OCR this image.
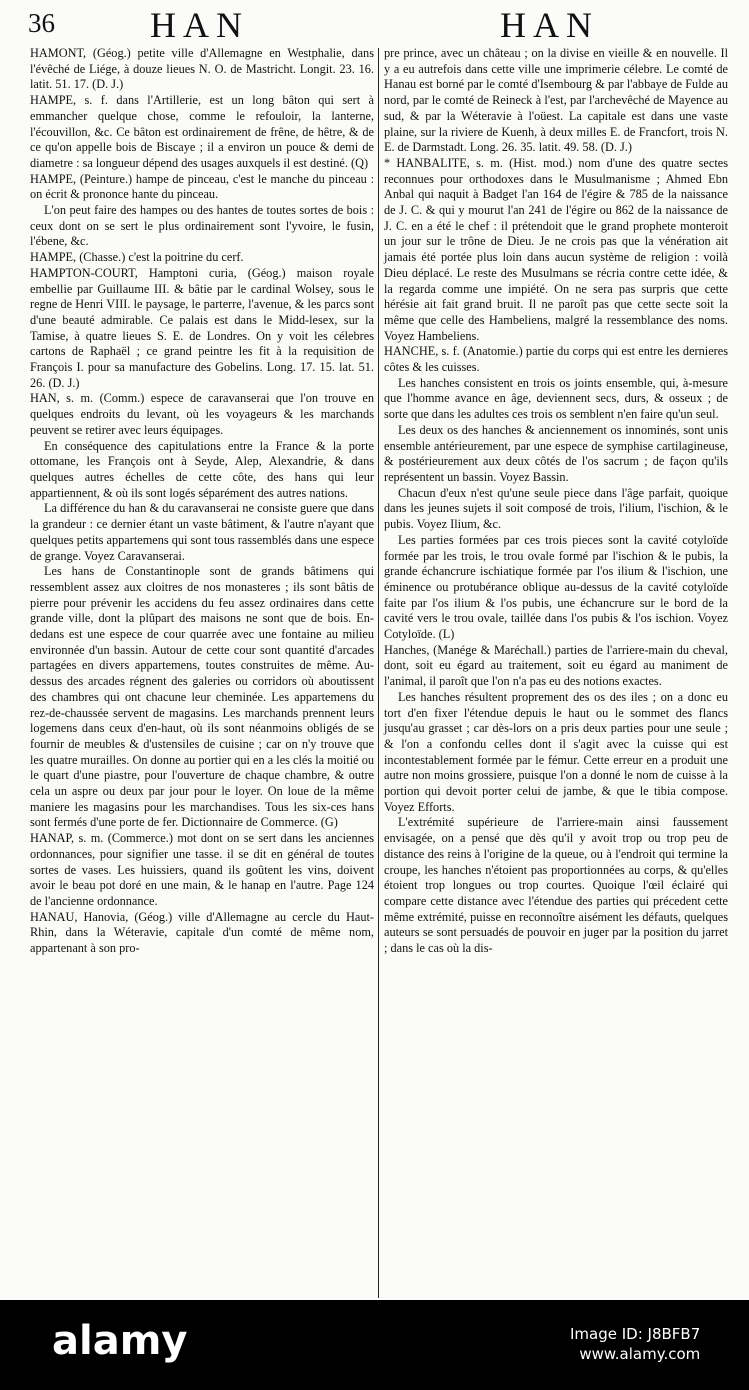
36	HAN	HAN

HAMONT, (Géog.) petite ville d'Allemagne en Westphalie, dans l'évêché de Liége, à douze lieues N. O. de Mastricht. Longit. 23. 16. latit. 51. 17. (D. J.)

HAMPE, s. f. dans l'Artillerie, est un long bâton qui sert à emmancher quelque chose, comme le refouloir, la lanterne, l'écouvillon, &c. Ce bâton est ordinairement de frêne, de hêtre, & de ce qu'on appelle bois de Biscaye ; il a environ un pouce & demi de diametre : sa longueur dépend des usages auxquels il est destiné. (Q)

HAMPE, (Peinture.) hampe de pinceau, c'est le manche du pinceau : on écrit & prononce hante du pinceau.

L'on peut faire des hampes ou des hantes de toutes sortes de bois : ceux dont on se sert le plus ordinairement sont l'yvoire, le fusin, l'ébene, &c.

HAMPE, (Chasse.) c'est la poitrine du cerf.

HAMPTON-COURT, Hamptoni curia, (Géog.) maison royale embellie par Guillaume III. & bâtie par le cardinal Wolsey, sous le regne de Henri VIII. le paysage, le parterre, l'avenue, & les parcs sont d'une beauté admirable. Ce palais est dans le Midd-lesex, sur la Tamise, à quatre lieues S. E. de Londres. On y voit les célebres cartons de Raphaël ; ce grand peintre les fit à la requisition de François I. pour sa manufacture des Gobelins. Long. 17. 15. lat. 51. 26. (D. J.)

HAN, s. m. (Comm.) espece de caravanserai que l'on trouve en quelques endroits du levant, où les voyageurs & les marchands peuvent se retirer avec leurs équipages.

En conséquence des capitulations entre la France & la porte ottomane, les François ont à Seyde, Alep, Alexandrie, & dans quelques autres échelles de cette côte, des hans qui leur appartiennent, & où ils sont logés séparément des autres nations.

La différence du han & du caravanserai ne consiste guere que dans la grandeur : ce dernier étant un vaste bâtiment, & l'autre n'ayant que quelques petits appartemens qui sont tous rassemblés dans une espece de grange. Voyez Caravanserai.

Les hans de Constantinople sont de grands bâtimens qui ressemblent assez aux cloitres de nos monasteres ; ils sont bâtis de pierre pour prévenir les accidens du feu assez ordinaires dans cette grande ville, dont la plûpart des maisons ne sont que de bois. En-dedans est une espece de cour quarrée avec une fontaine au milieu environnée d'un bassin. Autour de cette cour sont quantité d'arcades partagées en divers appartemens, toutes construites de même. Au-dessus des arcades régnent des galeries ou corridors où aboutissent des chambres qui ont chacune leur cheminée. Les appartemens du rez-de-chaussée servent de magasins. Les marchands prennent leurs logemens dans ceux d'en-haut, où ils sont néanmoins obligés de se fournir de meubles & d'ustensiles de cuisine ; car on n'y trouve que les quatre murailles. On donne au portier qui en a les clés la moitié ou le quart d'une piastre, pour l'ouverture de chaque chambre, & outre cela un aspre ou deux par jour pour le loyer. On loue de la même maniere les magasins pour les marchandises. Tous les six-ces hans sont fermés d'une porte de fer. Dictionnaire de Commerce. (G)

HANAP, s. m. (Commerce.) mot dont on se sert dans les anciennes ordonnances, pour signifier une tasse. il se dit en général de toutes sortes de vases. Les huissiers, quand ils goûtent les vins, doivent avoir le beau pot doré en une main, & le hanap en l'autre. Page 124 de l'ancienne ordonnance.

HANAU, Hanovia, (Géog.) ville d'Allemagne au cercle du Haut-Rhin, dans la Wéteravie, capitale d'un comté de même nom, appartenant à son pro-

pre prince, avec un château ; on la divise en vieille & en nouvelle. Il y a eu autrefois dans cette ville une imprimerie célebre. Le comté de Hanau est borné par le comté d'Isembourg & par l'abbaye de Fulde au nord, par le comté de Reineck à l'est, par l'archevêché de Mayence au sud, & par la Wéteravie à l'oüest. La capitale est dans une vaste plaine, sur la riviere de Kuenh, à deux milles E. de Francfort, trois N. E. de Darmstadt. Long. 26. 35. latit. 49. 58. (D. J.)

* HANBALITE, s. m. (Hist. mod.) nom d'une des quatre sectes reconnues pour orthodoxes dans le Musulmanisme ; Ahmed Ebn Anbal qui naquit à Badget l'an 164 de l'égire & 785 de la naissance de J. C. & qui y mourut l'an 241 de l'égire ou 862 de la naissance de J. C. en a été le chef : il prétendoit que le grand prophete monteroit un jour sur le trône de Dieu. Je ne crois pas que la vénération ait jamais été portée plus loin dans aucun système de religion : voilà Dieu déplacé. Le reste des Musulmans se récria contre cette idée, & la regarda comme une impiété. On ne sera pas surpris que cette hérésie ait fait grand bruit. Il ne paroît pas que cette secte soit la même que celle des Hambeliens, malgré la ressemblance des noms. Voyez Hambeliens.

HANCHE, s. f. (Anatomie.) partie du corps qui est entre les dernieres côtes & les cuisses.

Les hanches consistent en trois os joints ensemble, qui, à-mesure que l'homme avance en âge, deviennent secs, durs, & osseux ; de sorte que dans les adultes ces trois os semblent n'en faire qu'un seul.

Les deux os des hanches & anciennement os innominés, sont unis ensemble antérieurement, par une espece de symphise cartilagineuse, & postérieurement aux deux côtés de l'os sacrum ; de façon qu'ils représentent un bassin. Voyez Bassin.

Chacun d'eux n'est qu'une seule piece dans l'âge parfait, quoique dans les jeunes sujets il soit composé de trois, l'ilium, l'ischion, & le pubis. Voyez Ilium, &c.

Les parties formées par ces trois pieces sont la cavité cotyloïde formée par les trois, le trou ovale formé par l'ischion & le pubis, la grande échancrure ischiatique formée par l'os ilium & l'ischion, une éminence ou protubérance oblique au-dessus de la cavité cotyloïde faite par l'os ilium & l'os pubis, une échancrure sur le bord de la cavité vers le trou ovale, taillée dans l'os pubis & l'os ischion. Voyez Cotyloïde. (L)

Hanches, (Manége & Maréchall.) parties de l'arriere-main du cheval, dont, soit eu égard au traitement, soit eu égard au maniment de l'animal, il paroît que l'on n'a pas eu des notions exactes.

Les hanches résultent proprement des os des iles ; on a donc eu tort d'en fixer l'étendue depuis le haut ou le sommet des flancs jusqu'au grasset ; car dès-lors on a pris deux parties pour une seule ; & l'on a confondu celles dont il s'agit avec la cuisse qui est incontestablement formée par le fémur. Cette erreur en a produit une autre non moins grossiere, puisque l'on a donné le nom de cuisse à la portion qui devoit porter celui de jambe, & que le tibia compose. Voyez Efforts.

L'extrémité supérieure de l'arriere-main ainsi faussement envisagée, on a pensé que dès qu'il y avoit trop ou trop peu de distance des reins à l'origine de la queue, ou à l'endroit qui termine la croupe, les hanches n'étoient pas proportionnées au corps, & qu'elles étoient trop longues ou trop courtes. Quoique l'œil éclairé qui compare cette distance avec l'étendue des parties qui précedent cette même extrémité, puisse en reconnoître aisément les défauts, quelques auteurs se sont persuadés de pouvoir en juger par la position du jarret ; dans le cas où la dis-

alamy	Image ID: J8BFB7
www.alamy.com
